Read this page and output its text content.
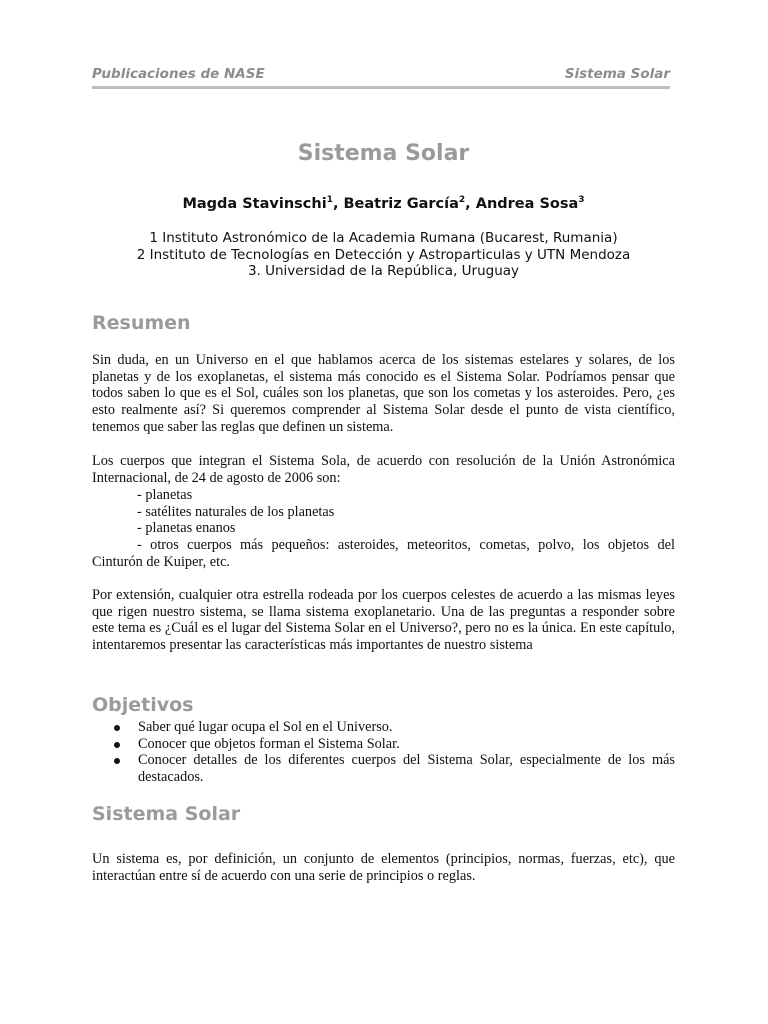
Publicaciones de NASE	Sistema Solar
Sistema Solar
Magda Stavinschi$^1$, Beatriz García$^2$, Andrea Sosa$^3$
1 Instituto Astronómico de la Academia Rumana (Bucarest, Rumania)
2 Instituto de Tecnologías en Detección y Astroparticulas y UTN Mendoza
3. Universidad de la República, Uruguay
Resumen
Sin duda, en un Universo en el que hablamos acerca de los sistemas estelares y solares, de los planetas y de los exoplanetas, el sistema más conocido es el Sistema Solar. Podríamos pensar que todos saben lo que es el Sol, cuáles son los planetas, que son los cometas y los asteroides. Pero, ¿es esto realmente así? Si queremos comprender al Sistema Solar desde el punto de vista científico, tenemos que saber las reglas que definen un sistema.
Los cuerpos que integran el Sistema Sola, de acuerdo con resolución de la Unión Astronómica Internacional, de 24 de agosto de 2006 son:
- planetas
- satélites naturales de los planetas
- planetas enanos
- otros cuerpos más pequeños: asteroides, meteoritos, cometas, polvo, los objetos del Cinturón de Kuiper, etc.
Por extensión, cualquier otra estrella rodeada por los cuerpos celestes de acuerdo a las mismas leyes que rigen nuestro sistema, se llama sistema exoplanetario. Una de las preguntas a responder sobre este tema es ¿Cuál es el lugar del Sistema Solar en el Universo?, pero no es la única. En este capítulo, intentaremos presentar las características más importantes de nuestro sistema
Objetivos
Saber qué lugar ocupa el Sol en el Universo.
Conocer que objetos forman el Sistema Solar.
Conocer detalles de los diferentes cuerpos del Sistema Solar, especialmente de los más destacados.
Sistema Solar
Un sistema es, por definición, un conjunto de elementos (principios, normas, fuerzas, etc), que interactúan entre sí de acuerdo con una serie de principios o reglas.
